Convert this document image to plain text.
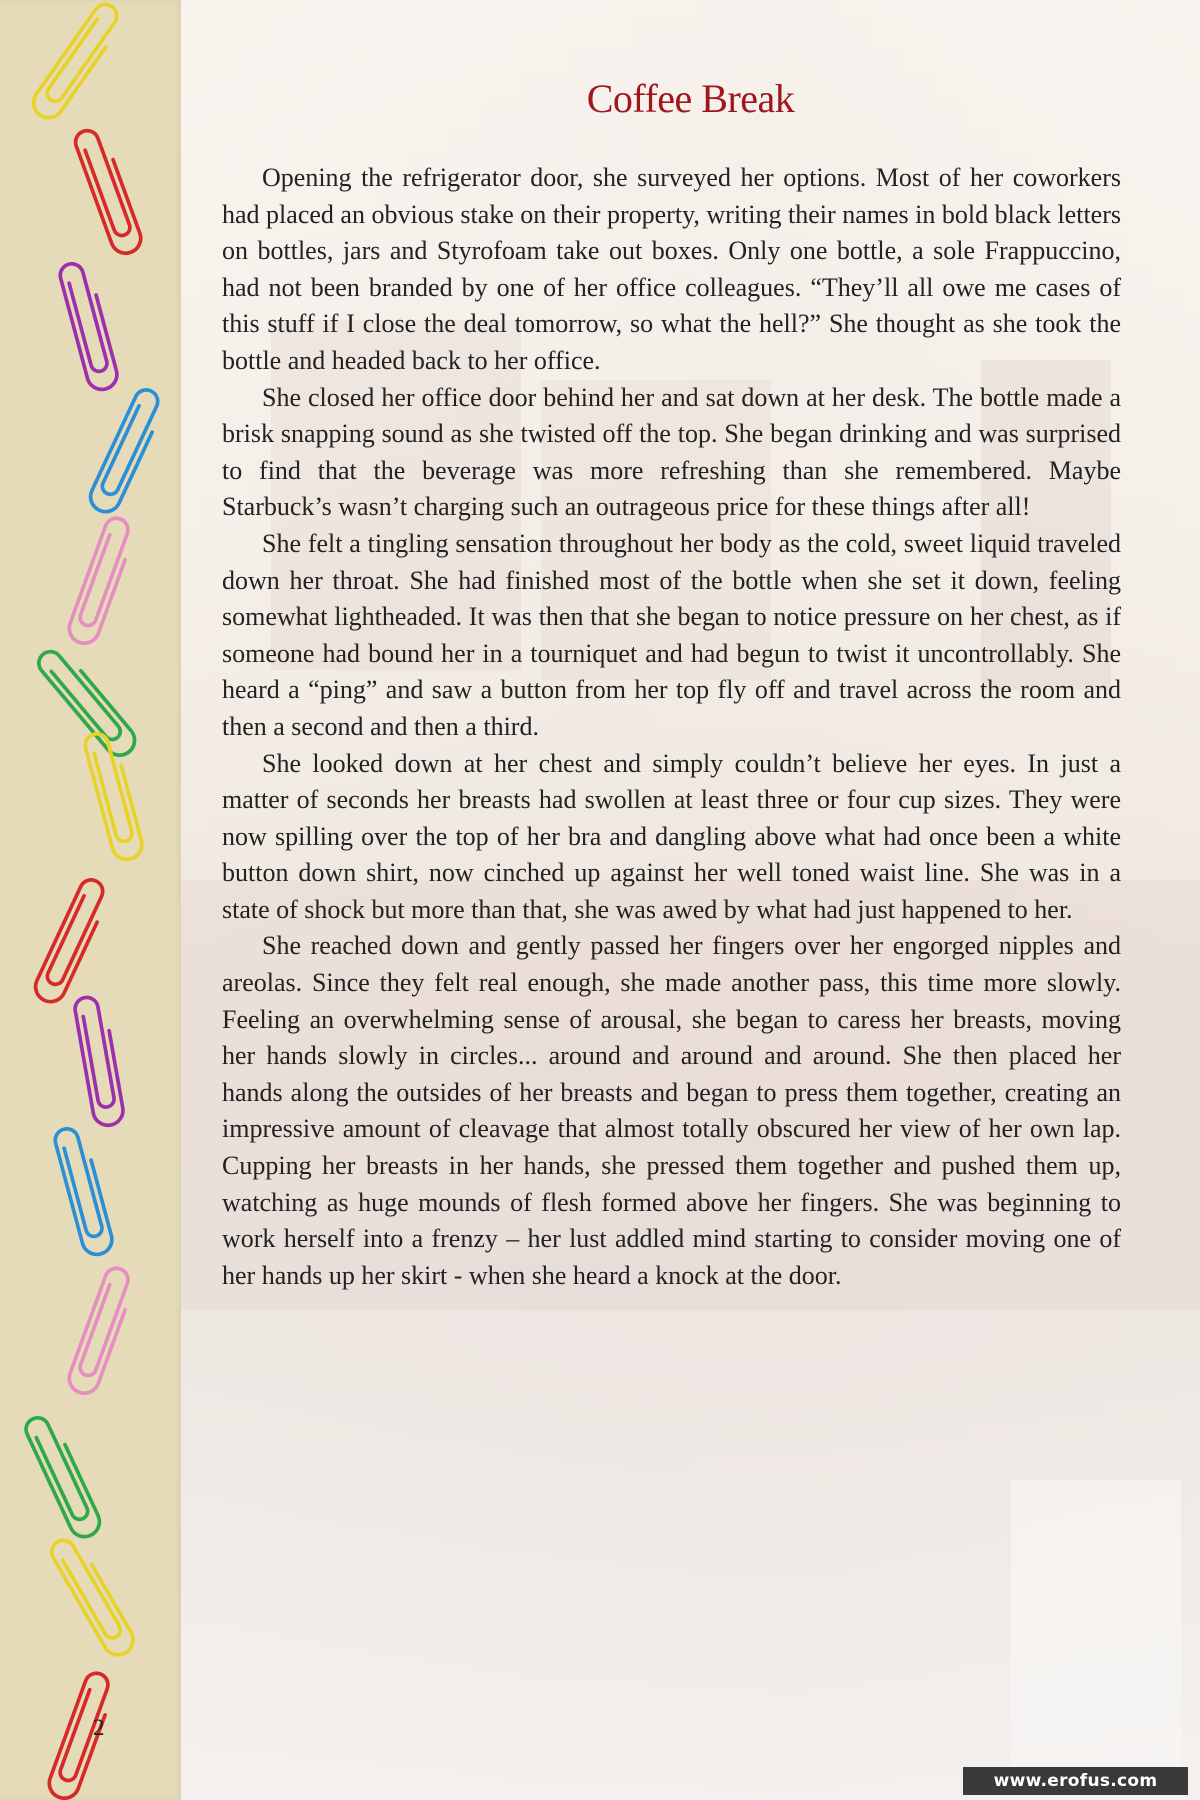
Coffee Break

Opening the refrigerator door, she surveyed her options. Most of her coworkers had placed an obvious stake on their property, writing their names in bold black letters on bottles, jars and Styrofoam take out boxes. Only one bottle, a sole Frappuccino, had not been branded by one of her office colleagues. “They’ll all owe me cases of this stuff if I close the deal tomorrow, so what the hell?” She thought as she took the bottle and headed back to her office.

She closed her office door behind her and sat down at her desk. The bottle made a brisk snapping sound as she twisted off the top. She began drinking and was surprised to find that the beverage was more refreshing than she remembered. Maybe Starbuck’s wasn’t charging such an outrageous price for these things after all!

She felt a tingling sensation throughout her body as the cold, sweet liquid traveled down her throat. She had finished most of the bottle when she set it down, feeling somewhat lightheaded. It was then that she began to notice pressure on her chest, as if someone had bound her in a tourniquet and had begun to twist it uncontrollably. She heard a “ping” and saw a button from her top fly off and travel across the room and then a second and then a third.

She looked down at her chest and simply couldn’t believe her eyes. In just a matter of seconds her breasts had swollen at least three or four cup sizes. They were now spilling over the top of her bra and dangling above what had once been a white button down shirt, now cinched up against her well toned waist line. She was in a state of shock but more than that, she was awed by what had just happened to her.

She reached down and gently passed her fingers over her engorged nipples and areolas. Since they felt real enough, she made another pass, this time more slowly. Feeling an overwhelming sense of arousal, she began to caress her breasts, moving her hands slowly in circles... around and around and around. She then placed her hands along the outsides of her breasts and began to press them together, creating an impressive amount of cleavage that almost totally obscured her view of her own lap. Cupping her breasts in her hands, she pressed them together and pushed them up, watching as huge mounds of flesh formed above her fingers. She was beginning to work herself into a frenzy – her lust addled mind starting to consider moving one of her hands up her skirt - when she heard a knock at the door.

2
www.erofus.com
